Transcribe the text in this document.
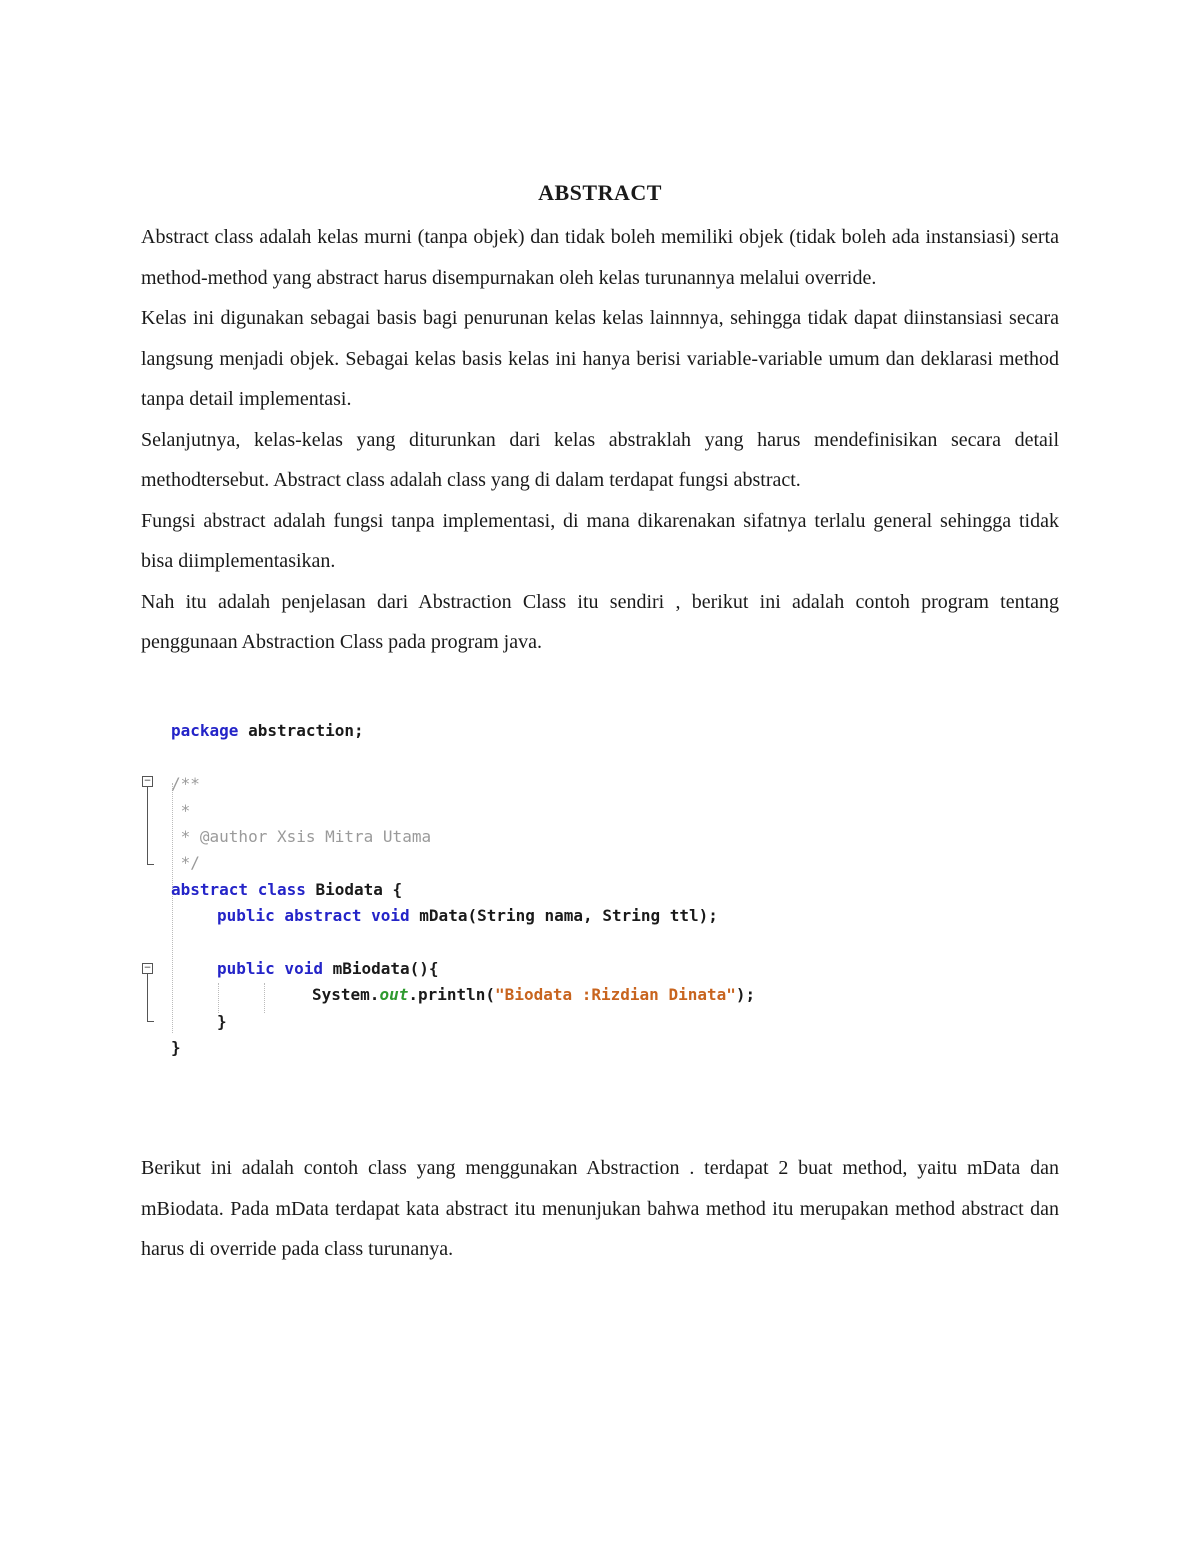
ABSTRACT

Abstract class adalah kelas murni (tanpa objek) dan tidak boleh memiliki objek (tidak boleh ada instansiasi) serta method-method yang abstract harus disempurnakan oleh kelas turunannya melalui override.

Kelas ini digunakan sebagai basis bagi penurunan kelas kelas lainnnya, sehingga tidak dapat diinstansiasi secara langsung menjadi objek. Sebagai kelas basis kelas ini hanya berisi variable-variable umum dan deklarasi method tanpa detail implementasi.

Selanjutnya, kelas-kelas yang diturunkan dari kelas abstraklah yang harus mendefinisikan secara detail methodtersebut. Abstract class adalah class yang di dalam terdapat fungsi abstract.

Fungsi abstract adalah fungsi tanpa implementasi, di mana dikarenakan sifatnya terlalu general sehingga tidak bisa diimplementasikan.

Nah itu adalah penjelasan dari Abstraction Class itu sendiri , berikut ini adalah contoh program tentang penggunaan Abstraction Class pada program java.

−
−
package abstraction;
/**
*
* @author Xsis Mitra Utama
*/
abstract class Biodata {
public abstract void mData(String nama, String ttl);
public void mBiodata(){
System.out.println("Biodata :Rizdian Dinata");
}
}

Berikut ini adalah contoh class yang menggunakan Abstraction . terdapat 2 buat method, yaitu mData dan mBiodata. Pada mData terdapat kata abstract itu menunjukan bahwa method itu merupakan method abstract dan harus di override pada class turunanya.
